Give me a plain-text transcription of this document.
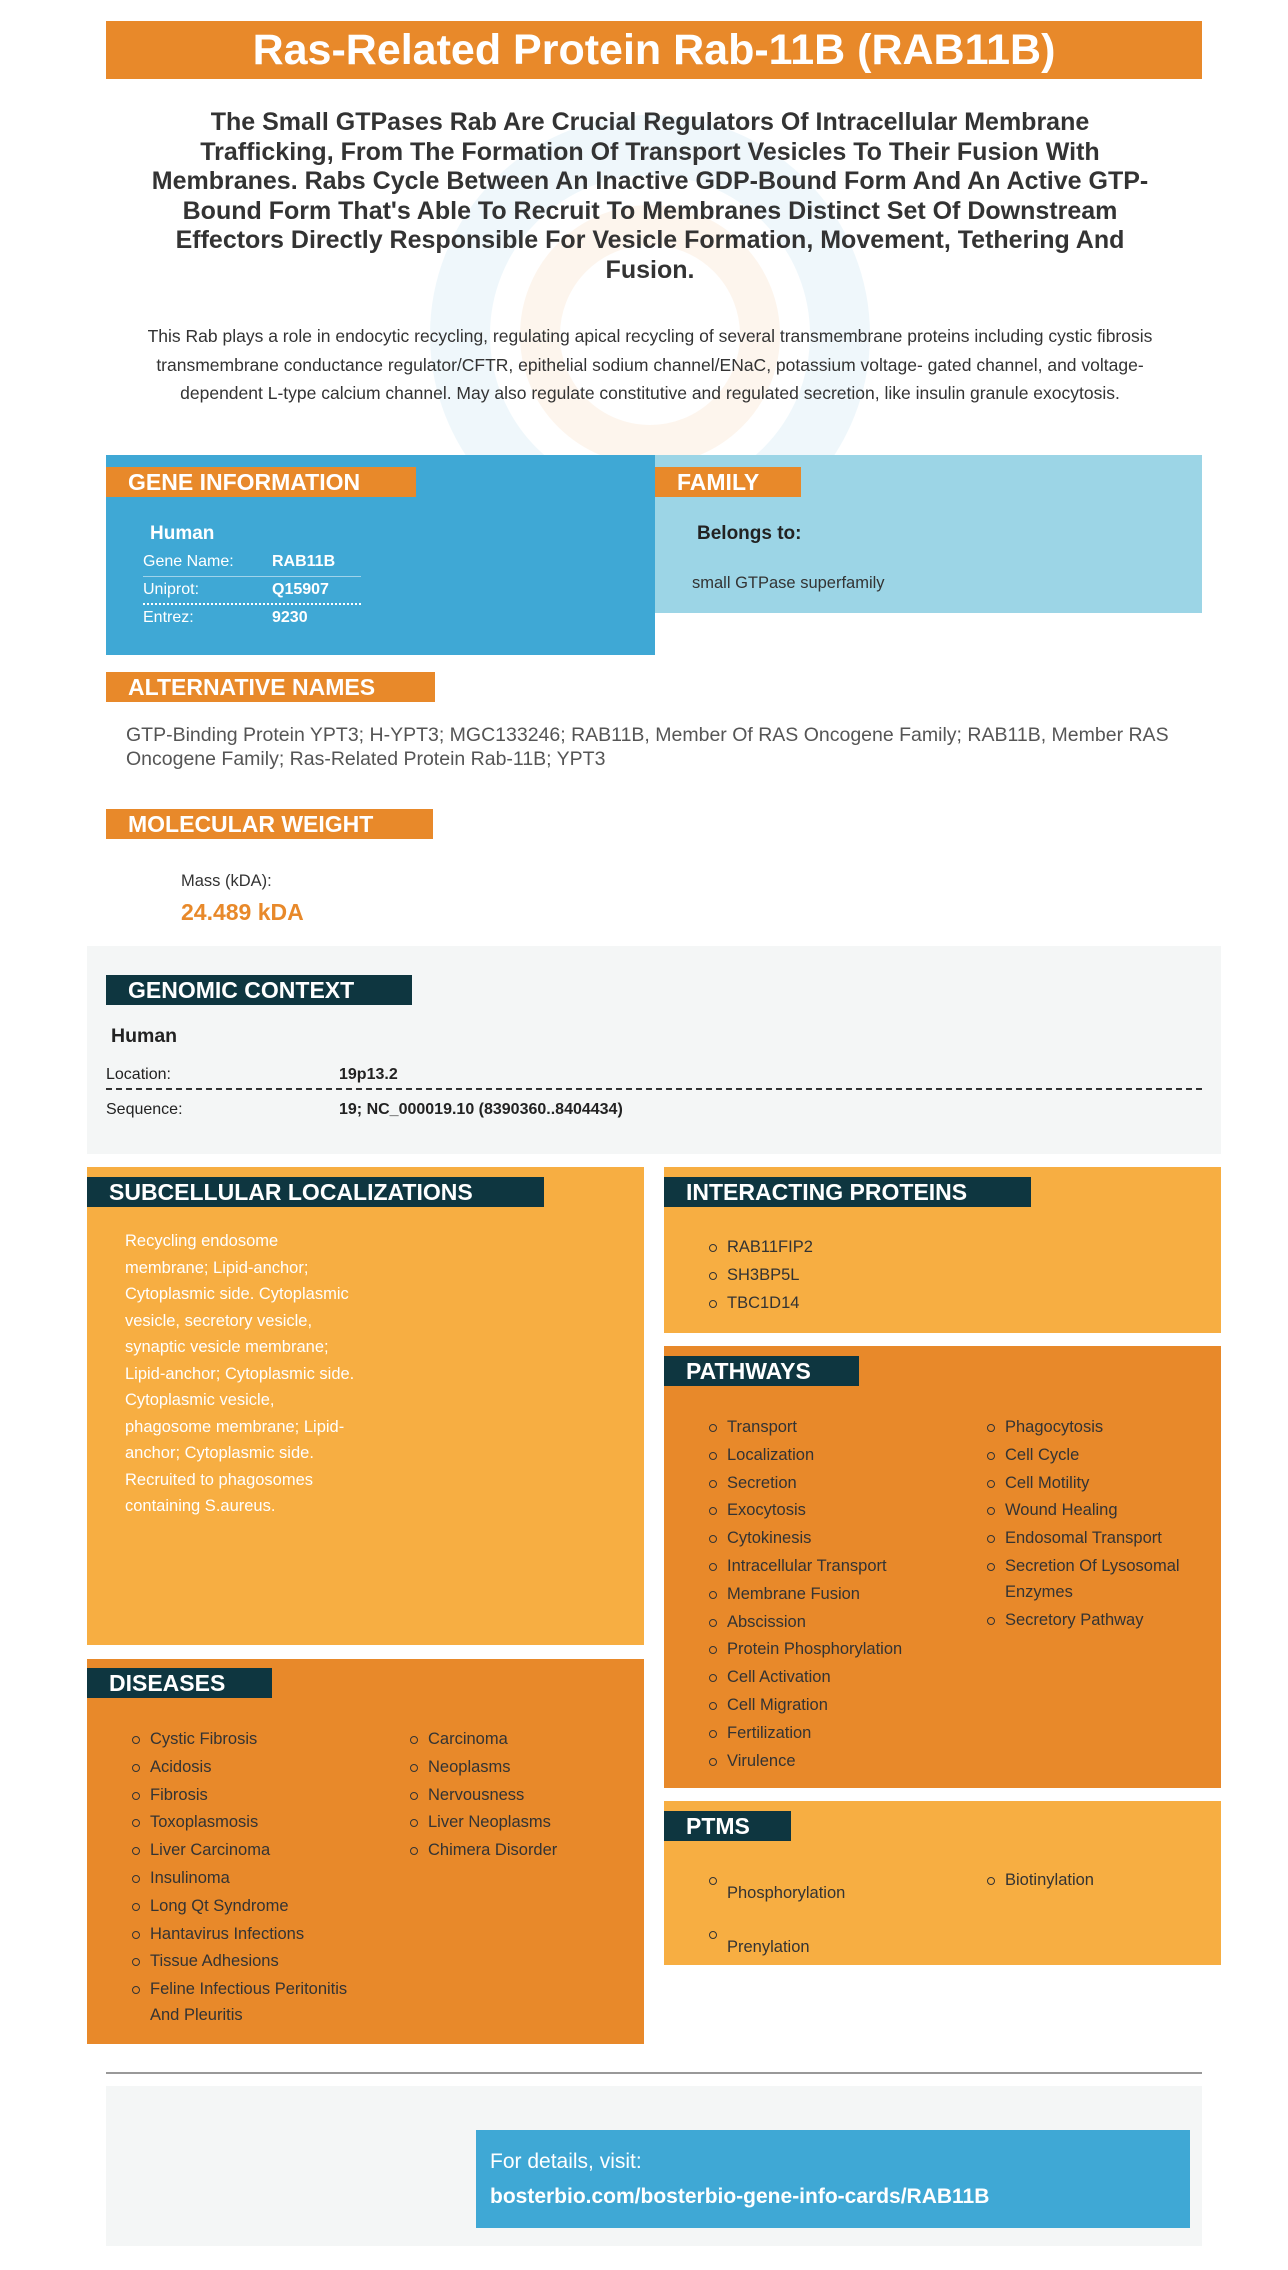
Ras-Related Protein Rab-11B (RAB11B)
The Small GTPases Rab Are Crucial Regulators Of Intracellular Membrane Trafficking, From The Formation Of Transport Vesicles To Their Fusion With Membranes. Rabs Cycle Between An Inactive GDP-Bound Form And An Active GTP-Bound Form That's Able To Recruit To Membranes Distinct Set Of Downstream Effectors Directly Responsible For Vesicle Formation, Movement, Tethering And Fusion.
This Rab plays a role in endocytic recycling, regulating apical recycling of several transmembrane proteins including cystic fibrosis transmembrane conductance regulator/CFTR, epithelial sodium channel/ENaC, potassium voltage- gated channel, and voltage-dependent L-type calcium channel. May also regulate constitutive and regulated secretion, like insulin granule exocytosis.
GENE INFORMATION
Human
Gene Name: RAB11B
Uniprot:	Q15907
Entrez:	9230
FAMILY
Belongs to:
small GTPase superfamily
ALTERNATIVE NAMES
GTP-Binding Protein YPT3; H-YPT3; MGC133246; RAB11B, Member Of RAS Oncogene Family; RAB11B, Member RAS Oncogene Family; Ras-Related Protein Rab-11B; YPT3
MOLECULAR WEIGHT
Mass (kDA):
24.489 kDA
GENOMIC CONTEXT
Human
Location:	19p13.2
Sequence:	19; NC_000019.10 (8390360..8404434)
SUBCELLULAR LOCALIZATIONS
Recycling endosome membrane; Lipid-anchor; Cytoplasmic side. Cytoplasmic vesicle, secretory vesicle, synaptic vesicle membrane; Lipid-anchor; Cytoplasmic side. Cytoplasmic vesicle, phagosome membrane; Lipid-anchor; Cytoplasmic side. Recruited to phagosomes containing S.aureus.
INTERACTING PROTEINS
RAB11FIP2
SH3BP5L
TBC1D14
PATHWAYS
Transport
Localization
Secretion
Exocytosis
Cytokinesis
Intracellular Transport
Membrane Fusion
Abscission
Protein Phosphorylation
Cell Activation
Cell Migration
Fertilization
Virulence
Phagocytosis
Cell Cycle
Cell Motility
Wound Healing
Endosomal Transport
Secretion Of Lysosomal Enzymes
Secretory Pathway
DISEASES
Cystic Fibrosis
Acidosis
Fibrosis
Toxoplasmosis
Liver Carcinoma
Insulinoma
Long Qt Syndrome
Hantavirus Infections
Tissue Adhesions
Feline Infectious Peritonitis And Pleuritis
Carcinoma
Neoplasms
Nervousness
Liver Neoplasms
Chimera Disorder
PTMS
Phosphorylation
Prenylation
Biotinylation
For details, visit:
bosterbio.com/bosterbio-gene-info-cards/RAB11B
